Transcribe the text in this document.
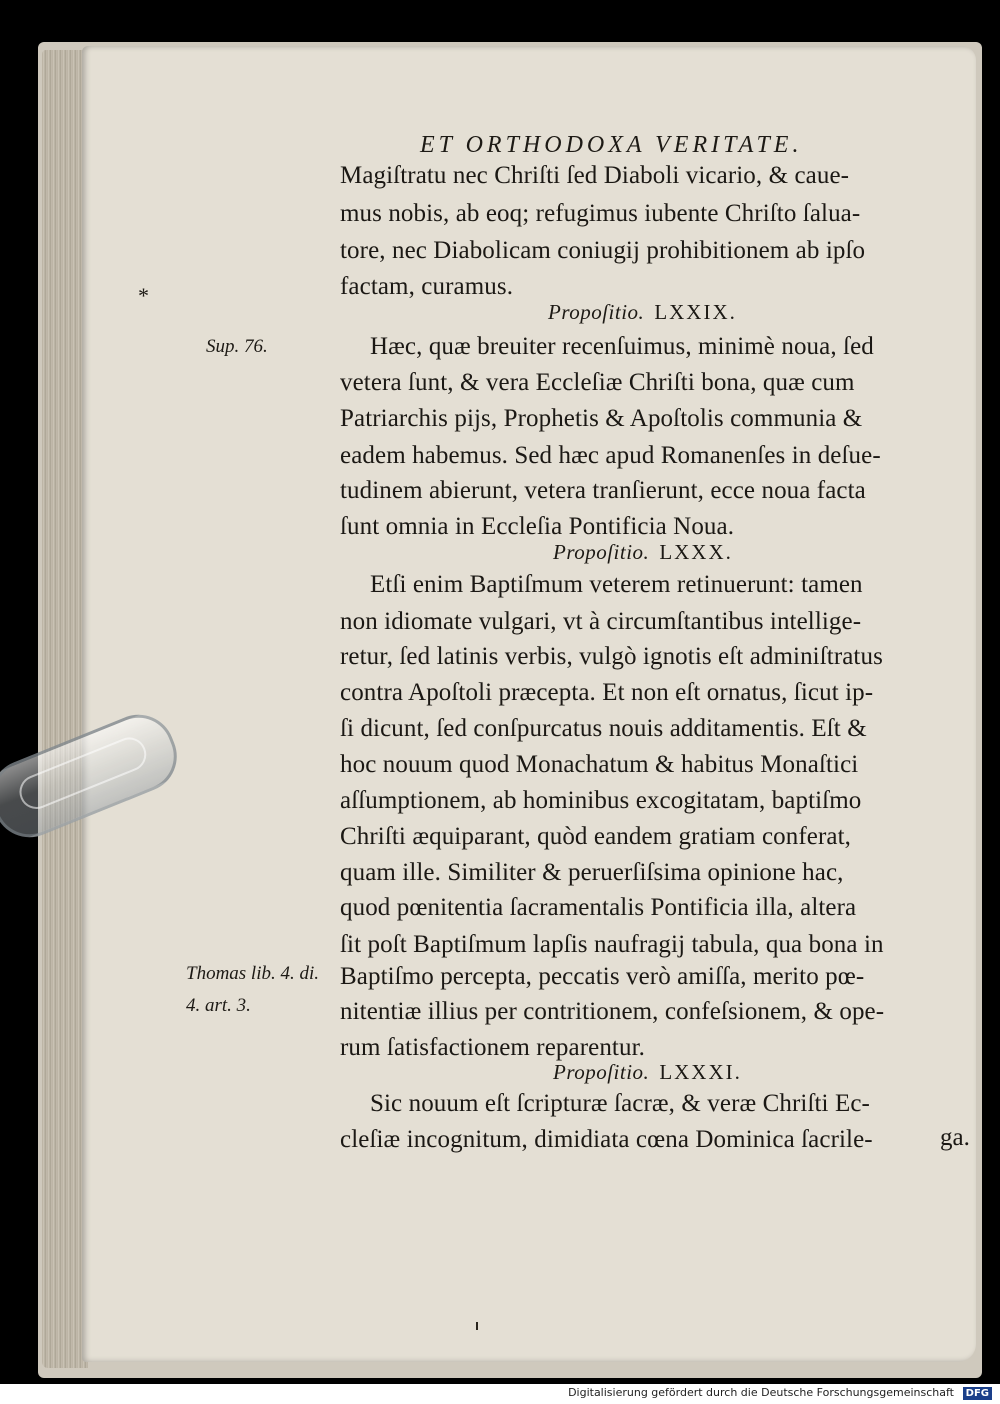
ET ORTHODOXA VERITATE.

Magiſtratu nec Chriſti ſed Diaboli vicario, & caue-

mus nobis, ab eoq; refugimus iubente Chriſto ſalua-

tore, nec Diabolicam coniugij prohibitionem ab ipſo

factam, curamus.

*

Propoſitio. LXXIX.

Sup. 76.	Hæc, quæ breuiter recenſuimus, minimè noua, ſed

vetera ſunt, & vera Eccleſiæ Chriſti bona, quæ cum

Patriarchis pijs, Prophetis & Apoſtolis communia &

eadem habemus. Sed hæc apud Romanenſes in deſue-

tudinem abierunt, vetera tranſierunt, ecce noua facta

ſunt omnia in Eccleſia Pontificia Noua.

Propoſitio. LXXX.

Etſi enim Baptiſmum veterem retinuerunt: tamen

non idiomate vulgari, vt à circumſtantibus intellige-

retur, ſed latinis verbis, vulgò ignotis eſt adminiſtratus

contra Apoſtoli præcepta. Et non eſt ornatus, ſicut ip-

ſi dicunt, ſed conſpurcatus nouis additamentis. Eſt &

hoc nouum quod Monachatum & habitus Monaſtici

aſſumptionem, ab hominibus excogitatam, baptiſmo

Chriſti æquiparant, quòd eandem gratiam conferat,

quam ille. Similiter & peruerſiſsima opinione hac,

quod pœnitentia ſacramentalis Pontificia illa, altera

ſit poſt Baptiſmum lapſis naufragij tabula, qua bona in

Thomas lib. 4. di.

4. art. 3.

Baptiſmo percepta, peccatis verò amiſſa, merito pœ-

nitentiæ illius per contritionem, confeſsionem, & ope-

rum ſatisfactionem reparentur.

Propoſitio. LXXXI.

Sic nouum eſt ſcripturæ ſacræ, & veræ Chriſti Ec-

cleſiæ incognitum, dimidiata cœna Dominica ſacrile-	ga.

Digitalisierung gefördert durch die Deutsche Forschungsgemeinschaft	DFG
